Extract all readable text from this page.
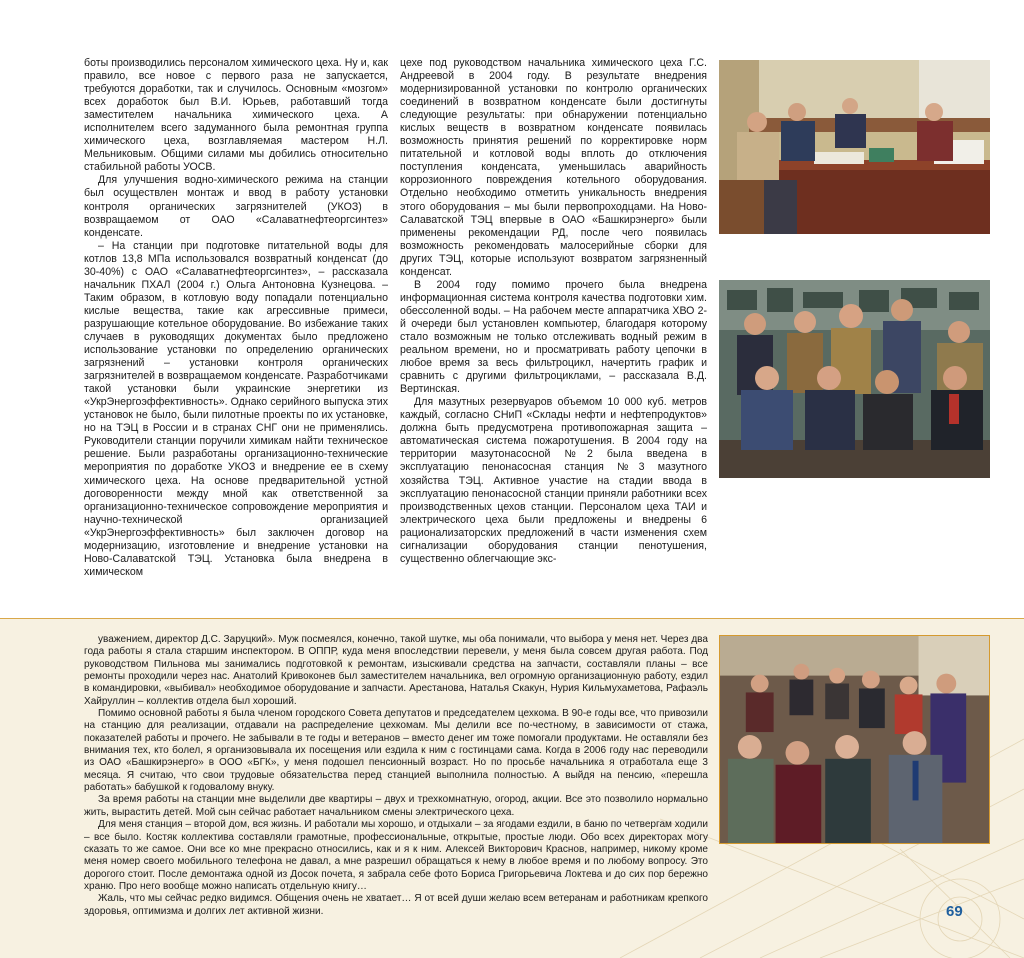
боты производились персоналом химического цеха. Ну и, как правило, все новое с первого раза не запускается, требуются доработки, так и случилось. Основным «мозгом» всех доработок был В.И. Юрьев, работавший тогда заместителем начальника химического цеха. А исполнителем всего задуманного была ремонтная группа химического цеха, возглавляемая мастером Н.Л. Мельниковым. Общими силами мы добились относительно стабильной работы УОСВ.

Для улучшения водно-химического режима на станции был осуществлен монтаж и ввод в работу установки контроля органических загрязнителей (УКОЗ) в возвращаемом от ОАО «Салаватнефтеоргсинтез» конденсате.

– На станции при подготовке питательной воды для котлов 13,8 МПа использовался возвратный конденсат (до 30-40%) с ОАО «Салаватнефтеоргсинтез», – рассказала начальник ПХАЛ (2004 г.) Ольга Антоновна Кузнецова. – Таким образом, в котловую воду попадали потенциально кислые вещества, такие как агрессивные примеси, разрушающие котельное оборудование. Во избежание таких случаев в руководящих документах было предложено использование установки по определению органических загрязнений – установки контроля органических загрязнителей в возвращаемом конденсате. Разработчиками такой установки были украинские энергетики из «УкрЭнергоэффективность». Однако серийного выпуска этих установок не было, были пилотные проекты по их установке, но на ТЭЦ в России и в странах СНГ они не применялись. Руководители станции поручили химикам найти техническое решение. Были разработаны организационно-технические мероприятия по доработке УКОЗ и внедрение ее в схему химического цеха. На основе предварительной устной договоренности между мной как ответственной за организационно-техническое сопровождение мероприятия и научно-технической организацией «УкрЭнергоэффективность» был заключен договор на модернизацию, изготовление и внедрение установки на Ново-Салаватской ТЭЦ. Установка была внедрена в химическом

цехе под руководством начальника химического цеха Г.С. Андреевой в 2004 году. В результате внедрения модернизированной установки по контролю органических соединений в возвратном конденсате были достигнуты следующие результаты: при обнаружении потенциально кислых веществ в возвратном конденсате появилась возможность принятия решений по корректировке норм питательной и котловой воды вплоть до отключения поступления конденсата, уменьшилась аварийность коррозионного повреждения котельного оборудования. Отдельно необходимо отметить уникальность внедрения этого оборудования – мы были первопроходцами. На Ново-Салаватской ТЭЦ впервые в ОАО «Башкирэнерго» были применены рекомендации РД, после чего появилась возможность рекомендовать малосерийные сборки для других ТЭЦ, которые используют возвратом загрязненный конденсат.

В 2004 году помимо прочего была внедрена информационная система контроля качества подготовки хим. обессоленной воды. – На рабочем месте аппаратчика ХВО 2-й очереди был установлен компьютер, благодаря которому стало возможным не только отслеживать водный режим в реальном времени, но и просматривать работу цепочки в любое время за весь фильтроцикл, начертить график и сравнить с другими фильтроциклами, – рассказала В.Д. Вертинская.

Для мазутных резервуаров объемом 10 000 куб. метров каждый, согласно СНиП «Склады нефти и нефтепродуктов» должна быть предусмотрена противопожарная защита – автоматическая система пожаротушения. В 2004 году на территории мазутонасосной №2 была введена в эксплуатацию пенонасосная станция №3 мазутного хозяйства ТЭЦ. Активное участие на стадии ввода в эксплуатацию пенонасосной станции приняли работники всех производственных цехов станции. Персоналом цеха ТАИ и электрического цеха были предложены и внедрены 6 рационализаторских предложений в части изменения схем сигнализации оборудования станции пенотушения, существенно облегчающие экс-

уважением, директор Д.С. Заруцкий». Муж посмеялся, конечно, такой шутке, мы оба понимали, что выбора у меня нет. Через два года работы я стала старшим инспектором. В ОППР, куда меня впоследствии перевели, у меня была совсем другая работа. Под руководством Пильнова мы занимались подготовкой к ремонтам, изыскивали средства на запчасти, составляли планы – все ремонты проходили через нас. Анатолий Кривоконев был заместителем начальника, вел огромную организационную работу, ездил в командировки, «выбивал» необходимое оборудование и запчасти. Арестанова, Наталья Скакун, Нурия Кильмухаметова, Рафаэль Хайруллин – коллектив отдела был хороший.

Помимо основной работы я была членом городского Совета депутатов и председателем цехкома. В 90-е годы все, что привозили на станцию для реализации, отдавали на распределение цехкомам. Мы делили все по-честному, в зависимости от стажа, показателей работы и прочего. Не забывали в те годы и ветеранов – вместо денег им тоже помогали продуктами. Не оставляли без внимания тех, кто болел, я организовывала их посещения или ездила к ним с гостинцами сама. Когда в 2006 году нас переводили из ОАО «Башкирэнерго» в ООО «БГК», у меня подошел пенсионный возраст. Но по просьбе начальника я отработала еще 3 месяца. Я считаю, что свои трудовые обязательства перед станцией выполнила полностью. А выйдя на пенсию, «перешла работать» бабушкой к годовалому внуку.

За время работы на станции мне выделили две квартиры – двух и трехкомнатную, огород, акции. Все это позволило нормально жить, вырастить детей. Мой сын сейчас работает начальником смены электрического цеха.

Для меня станция – второй дом, вся жизнь. И работали мы хорошо, и отдыхали – за ягодами ездили, в баню по четвергам ходили – все было. Костяк коллектива составляли грамотные, профессиональные, открытые, простые люди. Обо всех директорах могу сказать то же самое. Они все ко мне прекрасно относились, как и я к ним. Алексей Викторович Краснов, например, никому кроме меня номер своего мобильного телефона не давал, а мне разрешил обращаться к нему в любое время и по любому вопросу. Это дорогого стоит. После демонтажа одной из Досок почета, я забрала себе фото Бориса Григорьевича Локтева и до сих пор бережно храню. Про него вообще можно написать отдельную книгу…

Жаль, что мы сейчас редко видимся. Общения очень не хватает… Я от всей души желаю всем ветеранам и работникам крепкого здоровья, оптимизма и долгих лет активной жизни.	69
